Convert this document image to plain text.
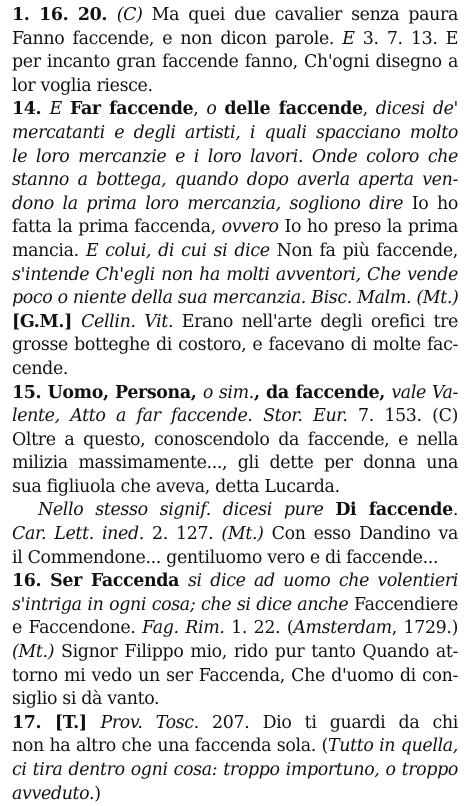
1. 16. 20. (C) Ma quei due cavalier senza paura
Fanno faccende, e non dicon parole. E 3. 7. 13. E
per incanto gran faccende fanno, Ch'ogni disegno a
lor voglia riesce.
14. E Far faccende, o delle faccende, dicesi de'
mercatanti e degli artisti, i quali spacciano molto
le loro mercanzie e i loro lavori. Onde coloro che
stanno a bottega, quando dopo averla aperta ven-
dono la prima loro mercanzia, sogliono dire Io ho
fatta la prima faccenda, ovvero Io ho preso la prima
mancia. E colui, di cui si dice Non fa più faccende,
s'intende Ch'egli non ha molti avventori, Che vende
poco o niente della sua mercanzia. Bisc. Malm. (Mt.)
[G.M.] Cellin. Vit. Erano nell'arte degli orefici tre
grosse botteghe di costoro, e facevano di molte fac-
cende.
15. Uomo, Persona, o sim., da faccende, vale Va-
lente, Atto a far faccende. Stor. Eur. 7. 153. (C)
Oltre a questo, conoscendolo da faccende, e nella
milizia massimamente..., gli dette per donna una
sua figliuola che aveva, detta Lucarda.
Nello stesso signif. dicesi pure Di faccende.
Car. Lett. ined. 2. 127. (Mt.) Con esso Dandino va
il Commendone... gentiluomo vero e di faccende...
16. Ser Faccenda si dice ad uomo che volentieri
s'intriga in ogni cosa; che si dice anche Faccendiere
e Faccendone. Fag. Rim. 1. 22. (Amsterdam, 1729.)
(Mt.) Signor Filippo mio, rido pur tanto Quando at-
torno mi vedo un ser Faccenda, Che d'uomo di con-
siglio si dà vanto.
17. [T.] Prov. Tosc. 207. Dio ti guardi da chi
non ha altro che una faccenda sola. (Tutto in quella,
ci tira dentro ogni cosa: troppo importuno, o troppo
avveduto.)
